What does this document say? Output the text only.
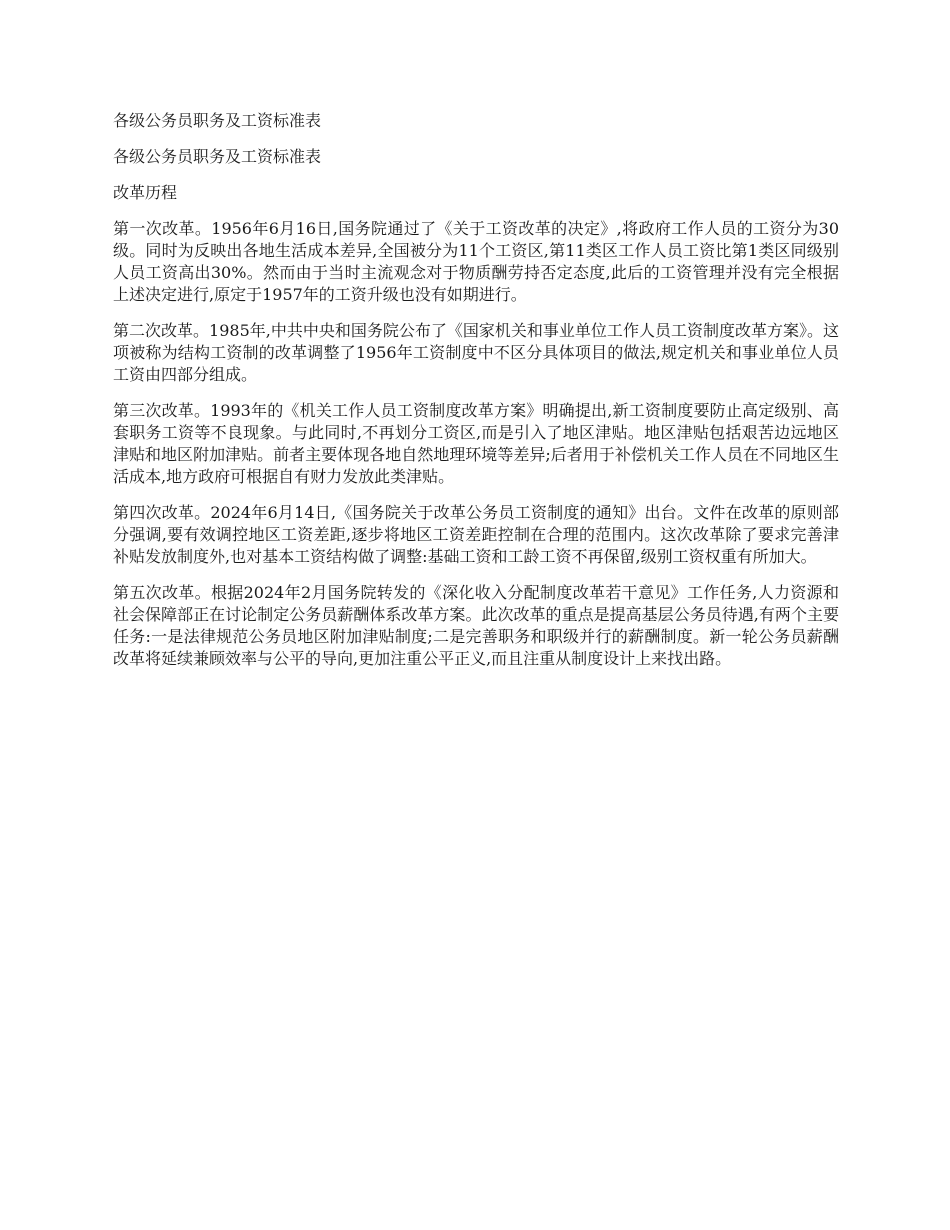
各级公务员职务及工资标准表

各级公务员职务及工资标准表

改革历程

第一次改革。1956年6月16日,国务院通过了《关于工资改革的决定》,将政府工作人员的工资分为30级。同时为反映出各地生活成本差异,全国被分为11个工资区,第11类区工作人员工资比第1类区同级别人员工资高出30%。然而由于当时主流观念对于物质酬劳持否定态度,此后的工资管理并没有完全根据上述决定进行,原定于1957年的工资升级也没有如期进行。

第二次改革。1985年,中共中央和国务院公布了《国家机关和事业单位工作人员工资制度改革方案》。这项被称为结构工资制的改革调整了1956年工资制度中不区分具体项目的做法,规定机关和事业单位人员工资由四部分组成。

第三次改革。1993年的《机关工作人员工资制度改革方案》明确提出,新工资制度要防止高定级别、高套职务工资等不良现象。与此同时,不再划分工资区,而是引入了地区津贴。地区津贴包括艰苦边远地区津贴和地区附加津贴。前者主要体现各地自然地理环境等差异;后者用于补偿机关工作人员在不同地区生活成本,地方政府可根据自有财力发放此类津贴。

第四次改革。2024年6月14日,《国务院关于改革公务员工资制度的通知》出台。文件在改革的原则部分强调,要有效调控地区工资差距,逐步将地区工资差距控制在合理的范围内。这次改革除了要求完善津补贴发放制度外,也对基本工资结构做了调整:基础工资和工龄工资不再保留,级别工资权重有所加大。

第五次改革。根据2024年2月国务院转发的《深化收入分配制度改革若干意见》工作任务,人力资源和社会保障部正在讨论制定公务员薪酬体系改革方案。此次改革的重点是提高基层公务员待遇,有两个主要任务:一是法律规范公务员地区附加津贴制度;二是完善职务和职级并行的薪酬制度。新一轮公务员薪酬改革将延续兼顾效率与公平的导向,更加注重公平正义,而且注重从制度设计上来找出路。
